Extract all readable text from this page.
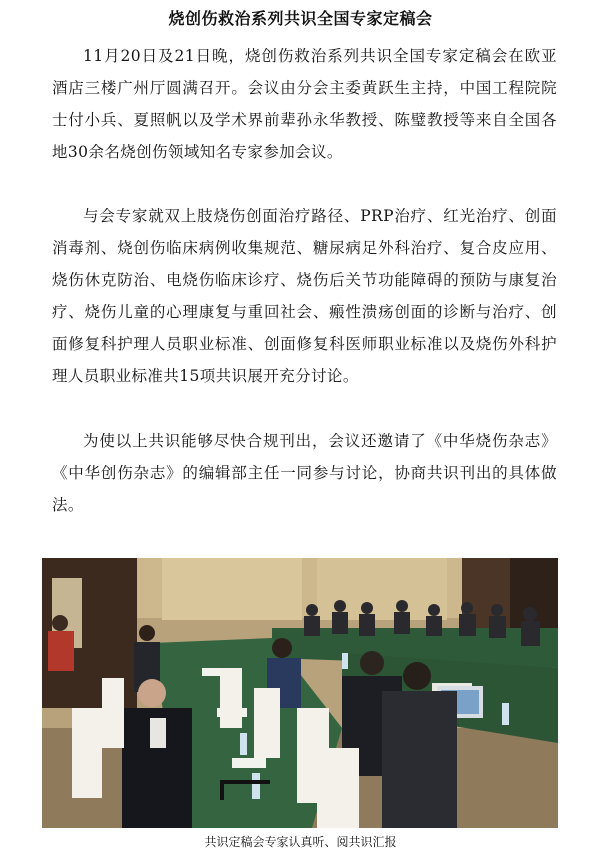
烧创伤救治系列共识全国专家定稿会

11月20日及21日晚，烧创伤救治系列共识全国专家定稿会在欧亚酒店三楼广州厅圆满召开。会议由分会主委黄跃生主持，中国工程院院士付小兵、夏照帆以及学术界前辈孙永华教授、陈璧教授等来自全国各地30余名烧创伤领域知名专家参加会议。

与会专家就双上肢烧伤创面治疗路径、PRP治疗、红光治疗、创面消毒剂、烧创伤临床病例收集规范、糖尿病足外科治疗、复合皮应用、烧伤休克防治、电烧伤临床诊疗、烧伤后关节功能障碍的预防与康复治疗、烧伤儿童的心理康复与重回社会、瘢性溃疡创面的诊断与治疗、创面修复科护理人员职业标准、创面修复科医师职业标准以及烧伤外科护理人员职业标准共15项共识展开充分讨论。

为使以上共识能够尽快合规刊出，会议还邀请了《中华烧伤杂志》《中华创伤杂志》的编辑部主任一同参与讨论，协商共识刊出的具体做法。

共识定稿会专家认真听、阅共识汇报
